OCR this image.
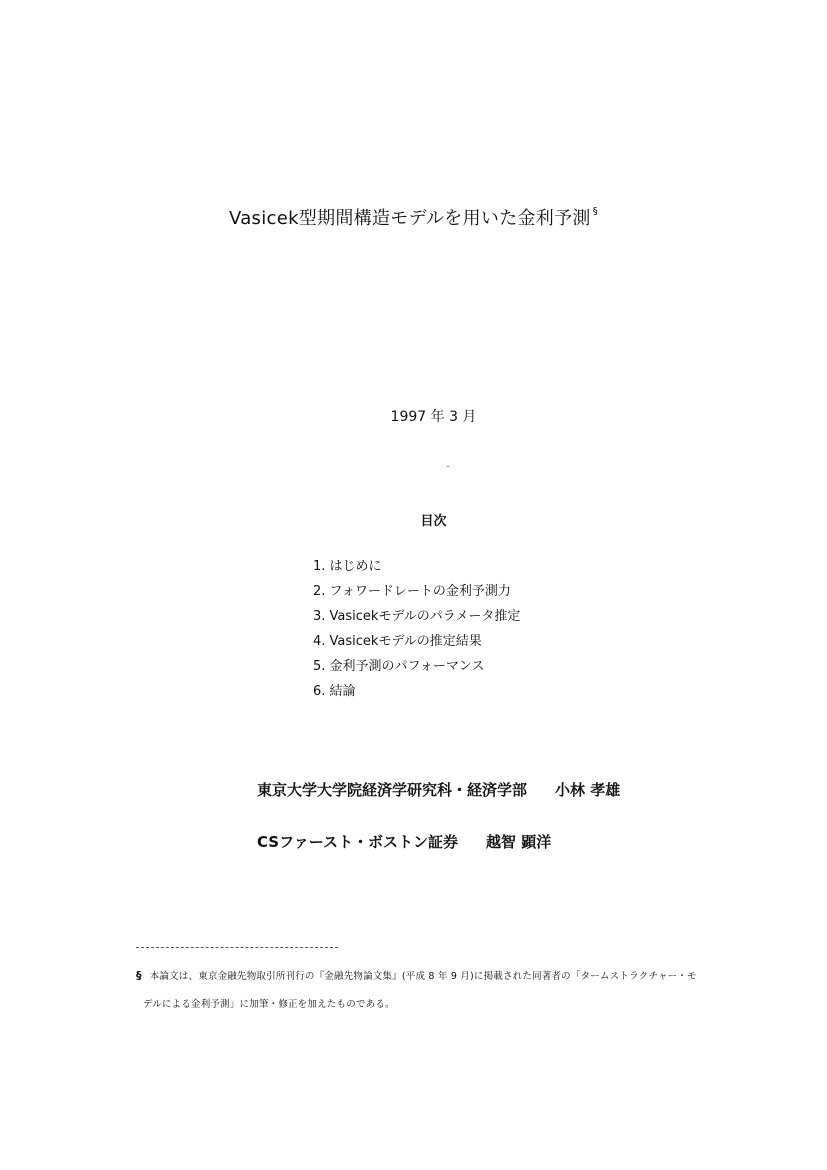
Vasicek型期間構造モデルを用いた金利予測 §
1997 年 3 月
目次
1. はじめに
2. フォワードレートの金利予測力
3. Vasicekモデルのパラメータ推定
4. Vasicekモデルの推定結果
5. 金利予測のパフォーマンス
6. 結論
東京大学大学院経済学研究科・経済学部 小林 孝雄
CSファースト・ボストン証券 越智 顕洋
§ 本論文は、東京金融先物取引所刊行の『金融先物論文集』(平成 8 年 9 月)に掲載された同著者の「タームストラクチャー・モ
デルによる金利予測」に加筆・修正を加えたものである。
